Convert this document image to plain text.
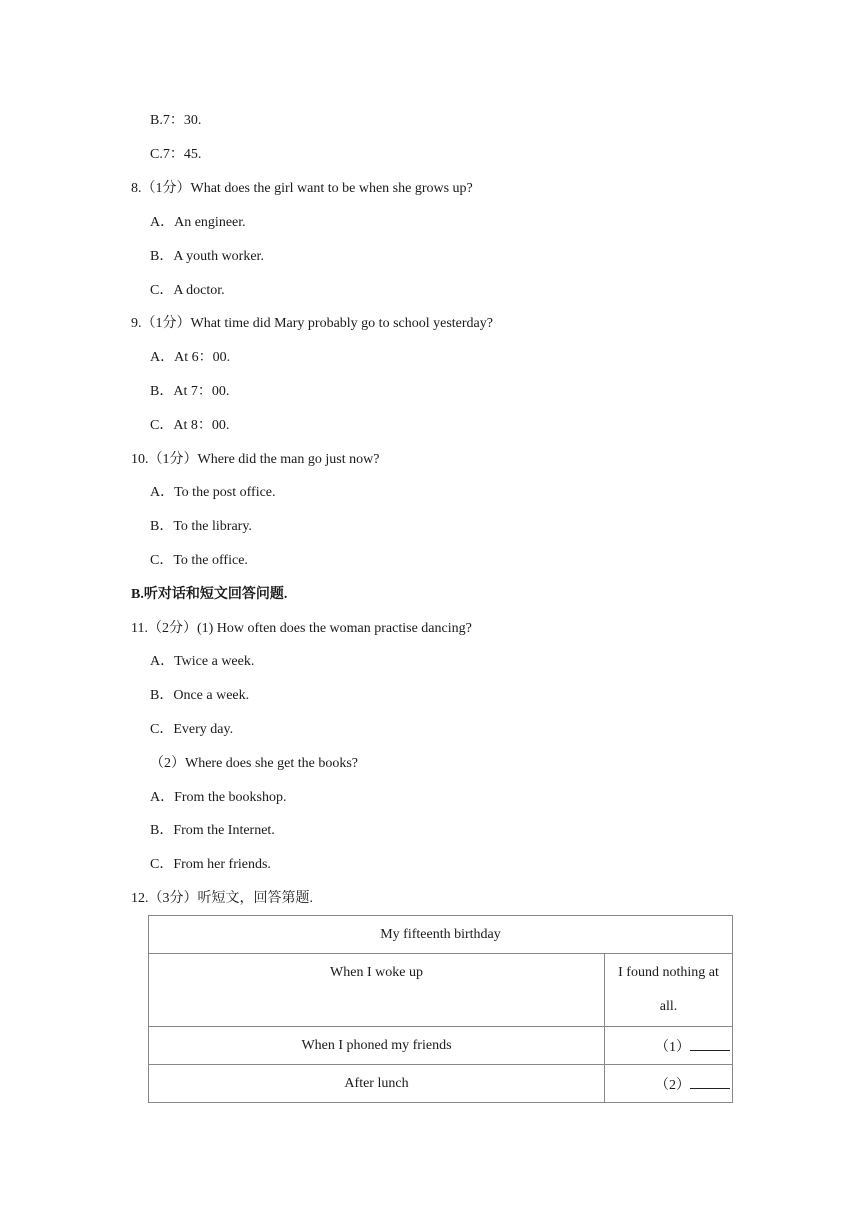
B.7：30.
C.7：45.
8.（1分）What does the girl want to be when she grows up?
A．An engineer.
B．A youth worker.
C．A doctor.
9.（1分）What time did Mary probably go to school yesterday?
A．At 6：00.
B．At 7：00.
C．At 8：00.
10.（1分）Where did the man go just now?
A．To the post office.
B．To the library.
C．To the office.
B.听对话和短文回答问题.
11.（2分）(1) How often does the woman practise dancing?
A．Twice a week.
B．Once a week.
C．Every day.
（2）Where does she get the books?
A．From the bookshop.
B．From the Internet.
C．From her friends.
12.（3分）听短文，回答第题.
My fifteenth birthday	
When I woke up	I found nothing at all.

When I phoned my friends	（1）
After lunch	（2）
